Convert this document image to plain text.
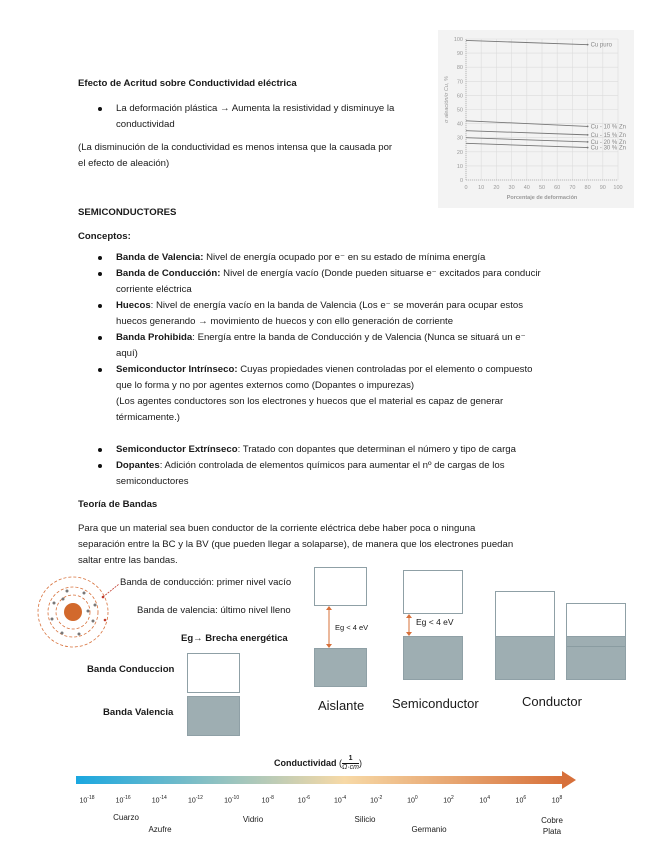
Efecto de Acritud sobre Conductividad eléctrica
La deformación plástica → Aumenta la resistividad y disminuye la
conductividad
(La disminución de la conductividad es menos intensa que la causada por
el efecto de aleación)
0 10 20 30 40 50 60 70 80 90 100
0
10
20
30
40
50
60
70
80
90
100
Cu puro
Cu - 10 % Zn
Cu - 15 % Zn
Cu - 20 % Zn
Cu - 30 % Zn
Porcentaje de deformación
σ aleación/σ Cu, %
SEMICONDUCTORES
Conceptos:
Banda de Valencia: Nivel de energía ocupado por e⁻ en su estado de mínima energía
Banda de Conducción: Nivel de energía vacío (Donde pueden situarse e⁻ excitados para conducir
corriente eléctrica
Huecos: Nivel de energía vacío en la banda de Valencia (Los e⁻ se moverán para ocupar estos
huecos generando → movimiento de huecos y con ello generación de corriente
Banda Prohibida: Energía entre la banda de Conducción y de Valencia (Nunca se situará un e⁻
aquí)
Semiconductor Intrínseco: Cuyas propiedades vienen controladas por el elemento o compuesto
que lo forma y no por agentes externos como (Dopantes o impurezas)
(Los agentes conductores son los electrones y huecos que el material es capaz de generar
térmicamente.)
Semiconductor Extrínseco: Tratado con dopantes que determinan el número y tipo de carga
Dopantes: Adición controlada de elementos químicos para aumentar el nº de cargas de los
semiconductores
Teoría de Bandas
Para que un material sea buen conductor de la corriente eléctrica debe haber poca o ninguna
separación entre la BC y la BV (que pueden llegar a solaparse), de manera que los electrones puedan
saltar entre las bandas.
Banda de conducción: primer nivel vacío
Banda de valencia: último nivel lleno
Eg→ Brecha energética
Banda Conduccion
Banda Valencia
Eg < 4 eV
Aislante
Eg < 4 eV
Semiconductor	Conductor
Conductividad ( $\frac{1}{\Omega\cdot cm}$ )
$10^{-18}$	$10^{-16}$	$10^{-14}$	$10^{-12}$	$10^{-10}$	$10^{-8}$	$10^{-6}$	$10^{-4}$	$10^{-2}$	$10^0$	$10^2$	$10^4$	$10^6$	$10^8$
Cuarzo
Azufre
Vidrio	Silicio
Germanio
Cobre
Plata
